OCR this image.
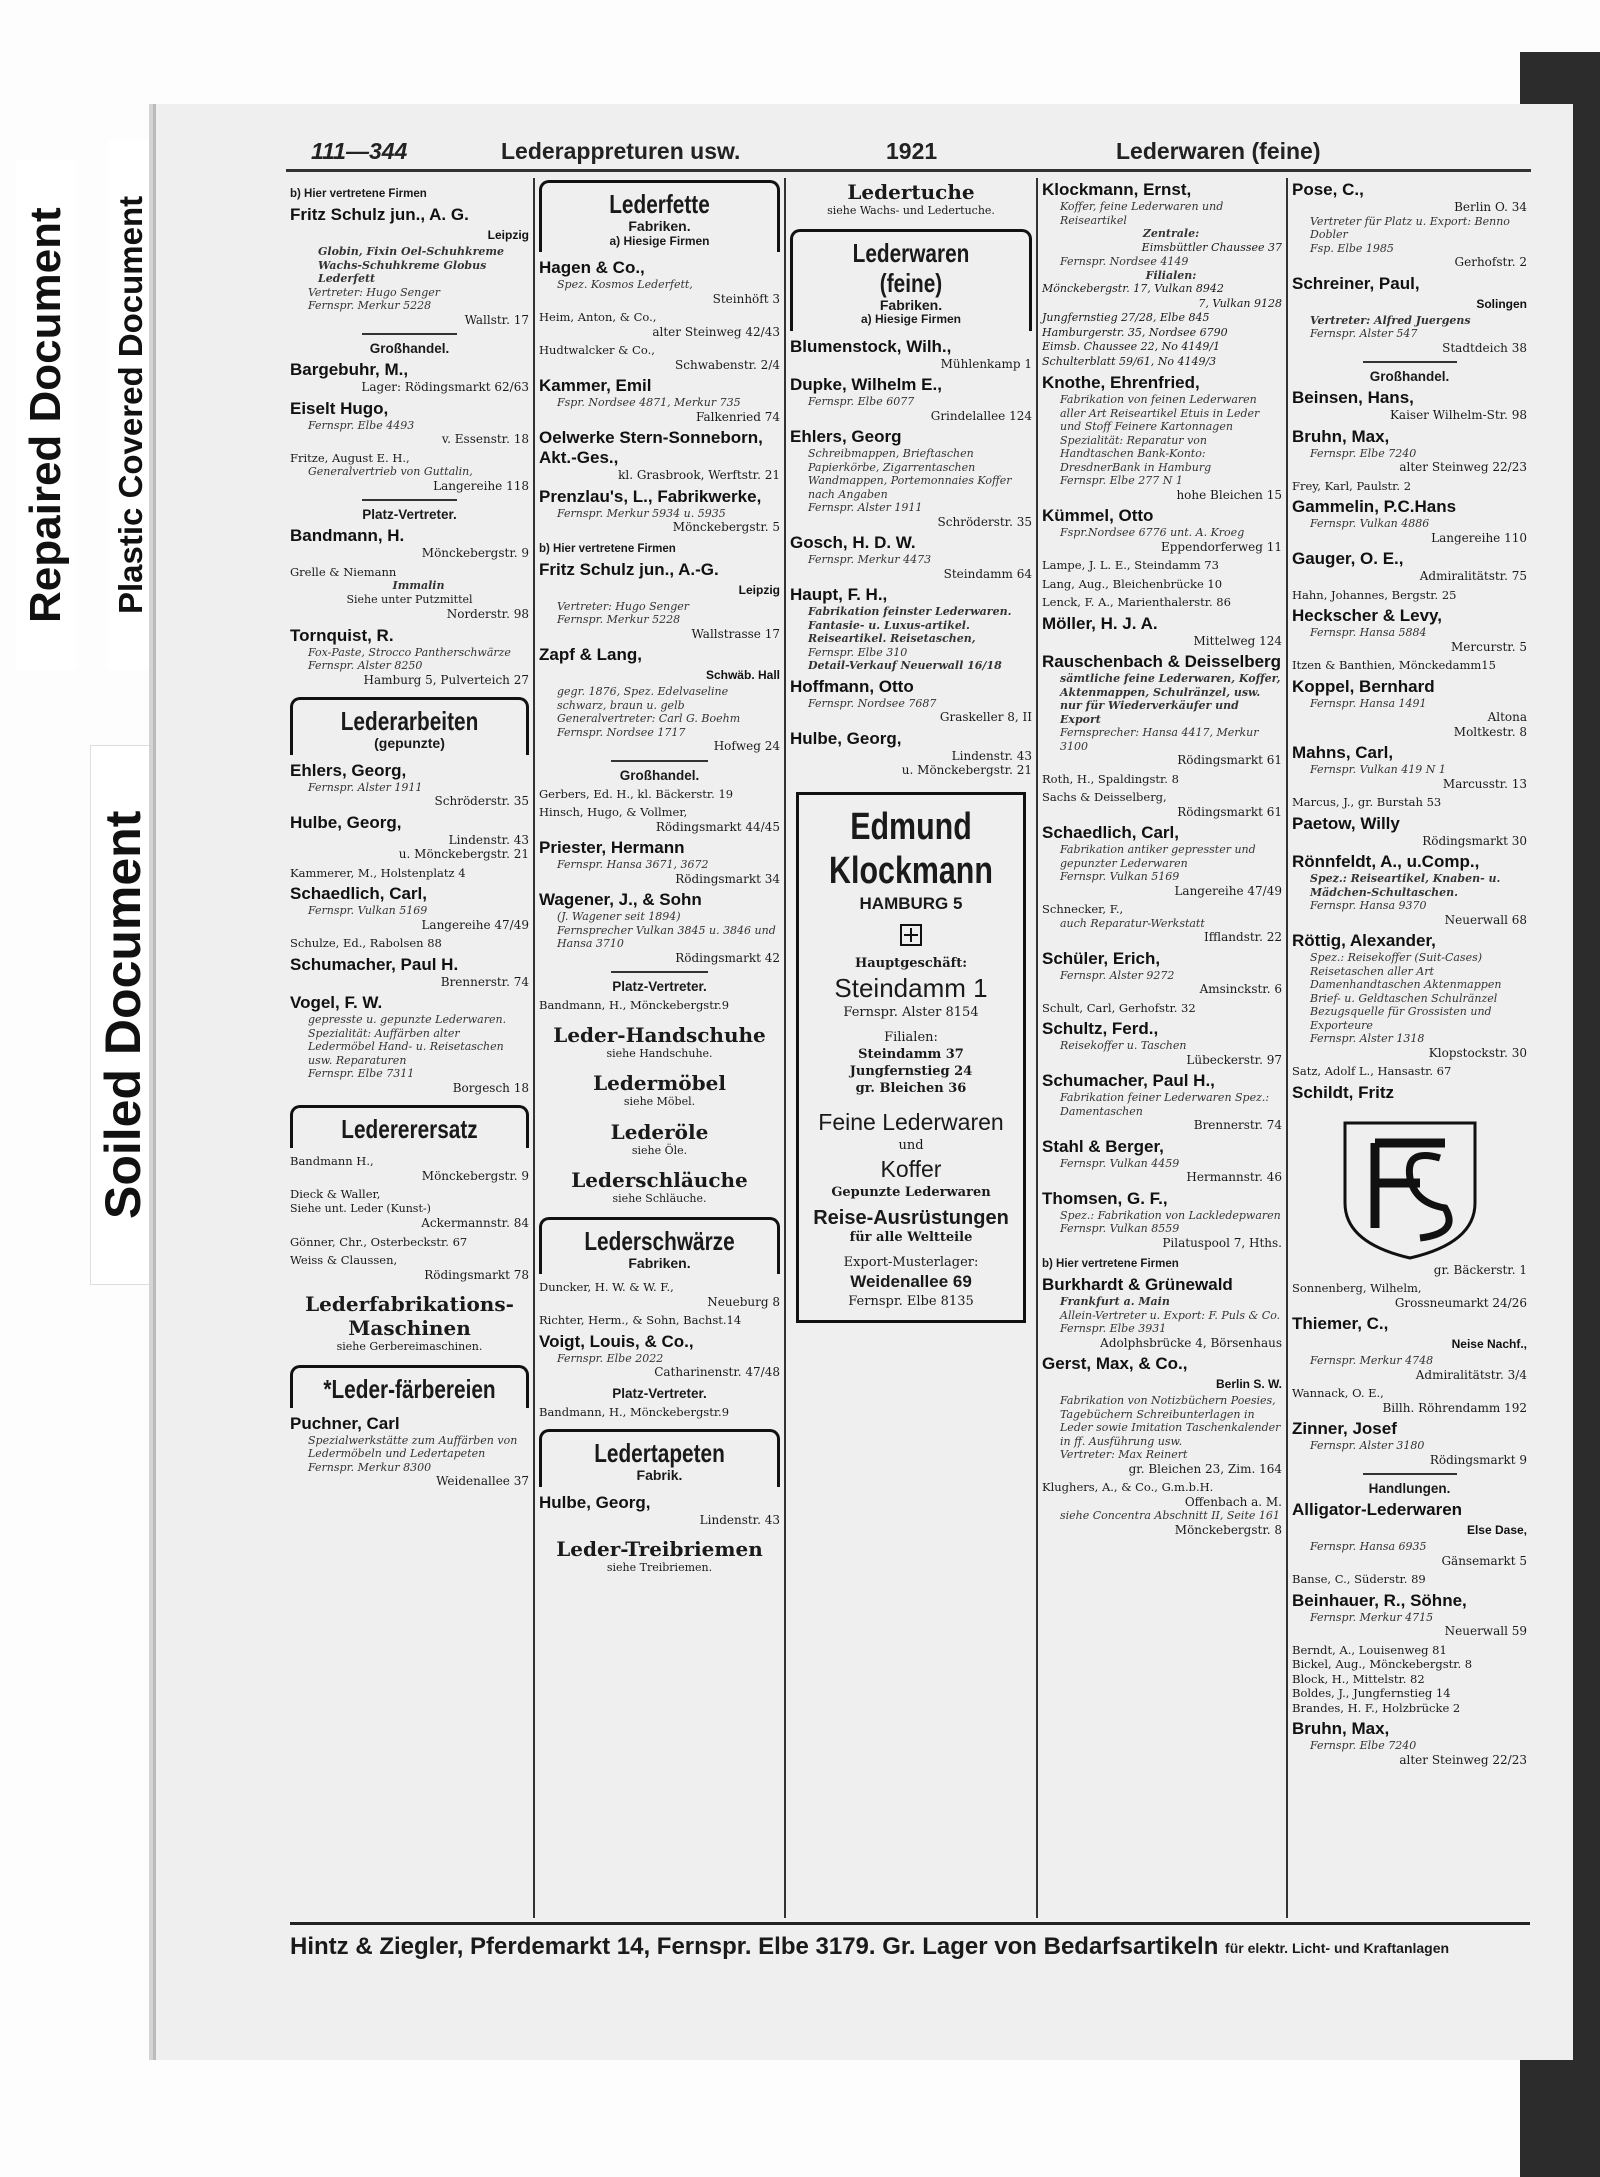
Repaired Document Plastic Covered Document
Soiled Document
111—344	Lederappreturen usw.	1921	Lederwaren (feine)
b) Hier vertretene Firmen
Fritz Schulz jun., A. G.
Leipzig
Globin, Fixin Oel-Schuhkreme Wachs-Schuhkreme Globus Lederfett
Vertreter: Hugo Senger
Fernspr. Merkur 5228
Wallstr. 17
Großhandel.
Bargebuhr, M.,
Lager: Rödingsmarkt 62/63
Eiselt Hugo,
Fernspr. Elbe 4493
v. Essenstr. 18
Fritze, August E. H.,
Generalvertrieb von Guttalin,
Langereihe 118
Platz-Vertreter.
Bandmann, H.
Mönckebergstr. 9
Grelle & Niemann
Immalin
Siehe unter Putzmittel
Norderstr. 98
Tornquist, R.
Fox-Paste, Strocco Pantherschwärze
Fernspr. Alster 8250
Hamburg 5, Pulverteich 27
Lederarbeiten
(gepunzte)
Ehlers, Georg,
Fernspr. Alster 1911
Schröderstr. 35
Hulbe, Georg,
Lindenstr. 43
u. Mönckebergstr. 21
Kammerer, M., Holstenplatz 4
Schaedlich, Carl,
Fernspr. Vulkan 5169
Langereihe 47/49
Schulze, Ed., Rabolsen 88
Schumacher, Paul H.
Brennerstr. 74
Vogel, F. W.
gepresste u. gepunzte Lederwaren. Spezialität: Auffärben alter Ledermöbel Hand- u. Reisetaschen usw. Reparaturen
Fernspr. Elbe 7311
Borgesch 18
Ledererersatz
Bandmann H.,
Mönckebergstr. 9
Dieck & Waller,
Siehe unt. Leder (Kunst-)
Ackermannstr. 84
Gönner, Chr., Osterbeckstr. 67
Weiss & Claussen,
Rödingsmarkt 78
Lederfabrikations-Maschinen
siehe Gerbereimaschinen.
*Leder-färbereien
Puchner, Carl
Spezialwerkstätte zum Auffärben von Ledermöbeln und Ledertapeten
Fernspr. Merkur 8300
Weidenallee 37
Lederfette
Fabriken.
a) Hiesige Firmen
Hagen & Co.,
Spez. Kosmos Lederfett,
Steinhöft 3
Heim, Anton, & Co.,
alter Steinweg 42/43
Hudtwalcker & Co.,
Schwabenstr. 2/4
Kammer, Emil
Fspr. Nordsee 4871, Merkur 735
Falkenried 74
Oelwerke Stern-Sonneborn, Akt.-Ges.,
kl. Grasbrook, Werftstr. 21
Prenzlau's, L., Fabrikwerke,
Fernspr. Merkur 5934 u. 5935
Mönckebergstr. 5
b) Hier vertretene Firmen
Fritz Schulz jun., A.-G.
Leipzig
Vertreter: Hugo Senger
Fernspr. Merkur 5228
Wallstrasse 17
Zapf & Lang,
Schwäb. Hall
gegr. 1876, Spez. Edelvaseline schwarz, braun u. gelb Generalvertreter: Carl G. Boehm
Fernspr. Nordsee 1717
Hofweg 24
Großhandel.
Gerbers, Ed. H., kl. Bäckerstr. 19
Hinsch, Hugo, & Vollmer,
Rödingsmarkt 44/45
Priester, Hermann
Fernspr. Hansa 3671, 3672
Rödingsmarkt 34
Wagener, J., & Sohn
(J. Wagener seit 1894)
Fernsprecher Vulkan 3845 u. 3846 und Hansa 3710
Rödingsmarkt 42
Platz-Vertreter.
Bandmann, H., Mönckebergstr.9
Leder-Handschuhe
siehe Handschuhe.
Ledermöbel
siehe Möbel.
Lederöle
siehe Öle.
Lederschläuche
siehe Schläuche.
Lederschwärze
Fabriken.
Duncker, H. W. & W. F.,
Neueburg 8
Richter, Herm., & Sohn, Bachst.14
Voigt, Louis, & Co.,
Fernspr. Elbe 2022
Catharinenstr. 47/48
Platz-Vertreter.
Bandmann, H., Mönckebergstr.9
Ledertapeten
Fabrik.
Hulbe, Georg,
Lindenstr. 43
Leder-Treibriemen
siehe Treibriemen.
Ledertuche
siehe Wachs- und Ledertuche.
Lederwaren (feine)
Fabriken.
a) Hiesige Firmen
Blumenstock, Wilh.,
Mühlenkamp 1
Dupke, Wilhelm E.,
Fernspr. Elbe 6077
Grindelallee 124
Ehlers, Georg
Schreibmappen, Brieftaschen Papierkörbe, Zigarrentaschen Wandmappen, Portemonnaies Koffer nach Angaben
Fernspr. Alster 1911
Schröderstr. 35
Gosch, H. D. W.
Fernspr. Merkur 4473
Steindamm 64
Haupt, F. H.,
Fabrikation feinster Lederwaren. Fantasie- u. Luxus-artikel. Reiseartikel. Reisetaschen,
Fernspr. Elbe 310
Detail-Verkauf Neuerwall 16/18
Hoffmann, Otto
Fernspr. Nordsee 7687
Graskeller 8, II
Hulbe, Georg,
Lindenstr. 43
u. Mönckebergstr. 21
Edmund
Klockmann
HAMBURG 5
Hauptgeschäft:
Steindamm 1
Fernspr. Alster 8154
Filialen:
Steindamm 37
Jungfernstieg 24
gr. Bleichen 36
Feine Lederwaren
und
Koffer
Gepunzte Lederwaren
Reise-Ausrüstungen
für alle Weltteile
Export-Musterlager:
Weidenallee 69
Fernspr. Elbe 8135
Klockmann, Ernst,
Koffer, feine Lederwaren und Reiseartikel
Zentrale:
Eimsbüttler Chaussee 37
Fernspr. Nordsee 4149
Filialen:
Mönckebergstr. 17, Vulkan 8942
7, Vulkan 9128
Jungfernstieg 27/28, Elbe 845
Hamburgerstr. 35, Nordsee 6790
Eimsb. Chaussee 22, No 4149/1
Schulterblatt 59/61, No 4149/3
Knothe, Ehrenfried,
Fabrikation von feinen Lederwaren aller Art Reiseartikel Etuis in Leder und Stoff Feinere Kartonnagen Spezialität: Reparatur von Handtaschen Bank-Konto: DresdnerBank in Hamburg
Fernspr. Elbe 277 N 1
hohe Bleichen 15
Kümmel, Otto
Fspr.Nordsee 6776 unt. A. Kroeg
Eppendorferweg 11
Lampe, J. L. E., Steindamm 73
Lang, Aug., Bleichenbrücke 10
Lenck, F. A., Marienthalerstr. 86
Möller, H. J. A.
Mittelweg 124
Rauschenbach & Deisselberg
sämtliche feine Lederwaren, Koffer, Aktenmappen, Schulränzel, usw. nur für Wiederverkäufer und Export
Fernsprecher: Hansa 4417, Merkur 3100
Rödingsmarkt 61
Roth, H., Spaldingstr. 8
Sachs & Deisselberg,
Rödingsmarkt 61
Schaedlich, Carl,
Fabrikation antiker gepresster und gepunzter Lederwaren
Fernspr. Vulkan 5169
Langereihe 47/49
Schnecker, F.,
auch Reparatur-Werkstatt
Ifflandstr. 22
Schüler, Erich,
Fernspr. Alster 9272
Amsinckstr. 6
Schult, Carl, Gerhofstr. 32
Schultz, Ferd.,
Reisekoffer u. Taschen
Lübeckerstr. 97
Schumacher, Paul H.,
Fabrikation feiner Lederwaren Spez.: Damentaschen
Brennerstr. 74
Stahl & Berger,
Fernspr. Vulkan 4459
Hermannstr. 46
Thomsen, G. F.,
Spez.: Fabrikation von Lackledерwaren
Fernspr. Vulkan 8559
Pilatuspool 7, Hths.
b) Hier vertretene Firmen
Burkhardt & Grünewald
Frankfurt a. Main
Allein-Vertreter u. Export: F. Puls & Co.
Fernspr. Elbe 3931
Adolphsbrücke 4, Börsenhaus
Gerst, Max, & Co.,
Berlin S. W.
Fabrikation von Notizbüchern Poesies, Tagebüchern Schreibunterlagen in Leder sowie Imitation Taschenkalender in ff. Ausführung usw.
Vertreter: Max Reinert
gr. Bleichen 23, Zim. 164
Klughers, A., & Co., G.m.b.H.
Offenbach a. M.
siehe Concentra Abschnitt II, Seite 161
Mönckebergstr. 8
Pose, C.,
Berlin O. 34
Vertreter für Platz u. Export: Benno Dobler
Fsp. Elbe 1985
Gerhofstr. 2
Schreiner, Paul,
Solingen
Vertreter: Alfred Juergens
Fernspr. Alster 547
Stadtdeich 38
Großhandel.
Beinsen, Hans,
Kaiser Wilhelm-Str. 98
Bruhn, Max,
Fernspr. Elbe 7240
alter Steinweg 22/23
Frey, Karl, Paulstr. 2
Gammelin, P.C.Hans
Fernspr. Vulkan 4886
Langereihe 110
Gauger, O. E.,
Admiralitätstr. 75
Hahn, Johannes, Bergstr. 25
Heckscher & Levy,
Fernspr. Hansa 5884
Mercurstr. 5
Itzen & Banthien, Mönckedamm15
Koppel, Bernhard
Fernspr. Hansa 1491
Altona
Moltkestr. 8
Mahns, Carl,
Fernspr. Vulkan 419 N 1
Marcusstr. 13
Marcus, J., gr. Burstah 53
Paetow, Willy
Rödingsmarkt 30
Rönnfeldt, A., u.Comp.,
Spez.: Reiseartikel, Knaben- u. Mädchen-Schultaschen.
Fernspr. Hansa 9370
Neuerwall 68
Röttig, Alexander,
Spez.: Reisekoffer (Suit-Cases) Reisetaschen aller Art Damenhandtaschen Aktenmappen Brief- u. Geldtaschen Schulränzel Bezugsquelle für Grossisten und Exporteure
Fernspr. Alster 1318
Klopstockstr. 30
Satz, Adolf L., Hansastr. 67
Schildt, Fritz
gr. Bäckerstr. 1
Sonnenberg, Wilhelm,
Grossneumarkt 24/26
Thiemer, C.,
Neise Nachf.,
Fernspr. Merkur 4748
Admiralitätstr. 3/4
Wannack, O. E.,
Billh. Röhrendamm 192
Zinner, Josef
Fernspr. Alster 3180
Rödingsmarkt 9
Handlungen.
Alligator-Lederwaren
Else Dase,
Fernspr. Hansa 6935
Gänsemarkt 5
Banse, C., Süderstr. 89
Beinhauer, R., Söhne,
Fernspr. Merkur 4715
Neuerwall 59
Berndt, A., Louisenweg 81
Bickel, Aug., Mönckebergstr. 8
Block, H., Mittelstr. 82
Boldes, J., Jungfernstieg 14
Brandes, H. F., Holzbrücke 2
Bruhn, Max,
Fernspr. Elbe 7240
alter Steinweg 22/23
Hintz & Ziegler, Pferdemarkt 14, Fernspr. Elbe 3179. Gr. Lager von Bedarfsartikeln für elektr. Licht- und Kraftanlagen
